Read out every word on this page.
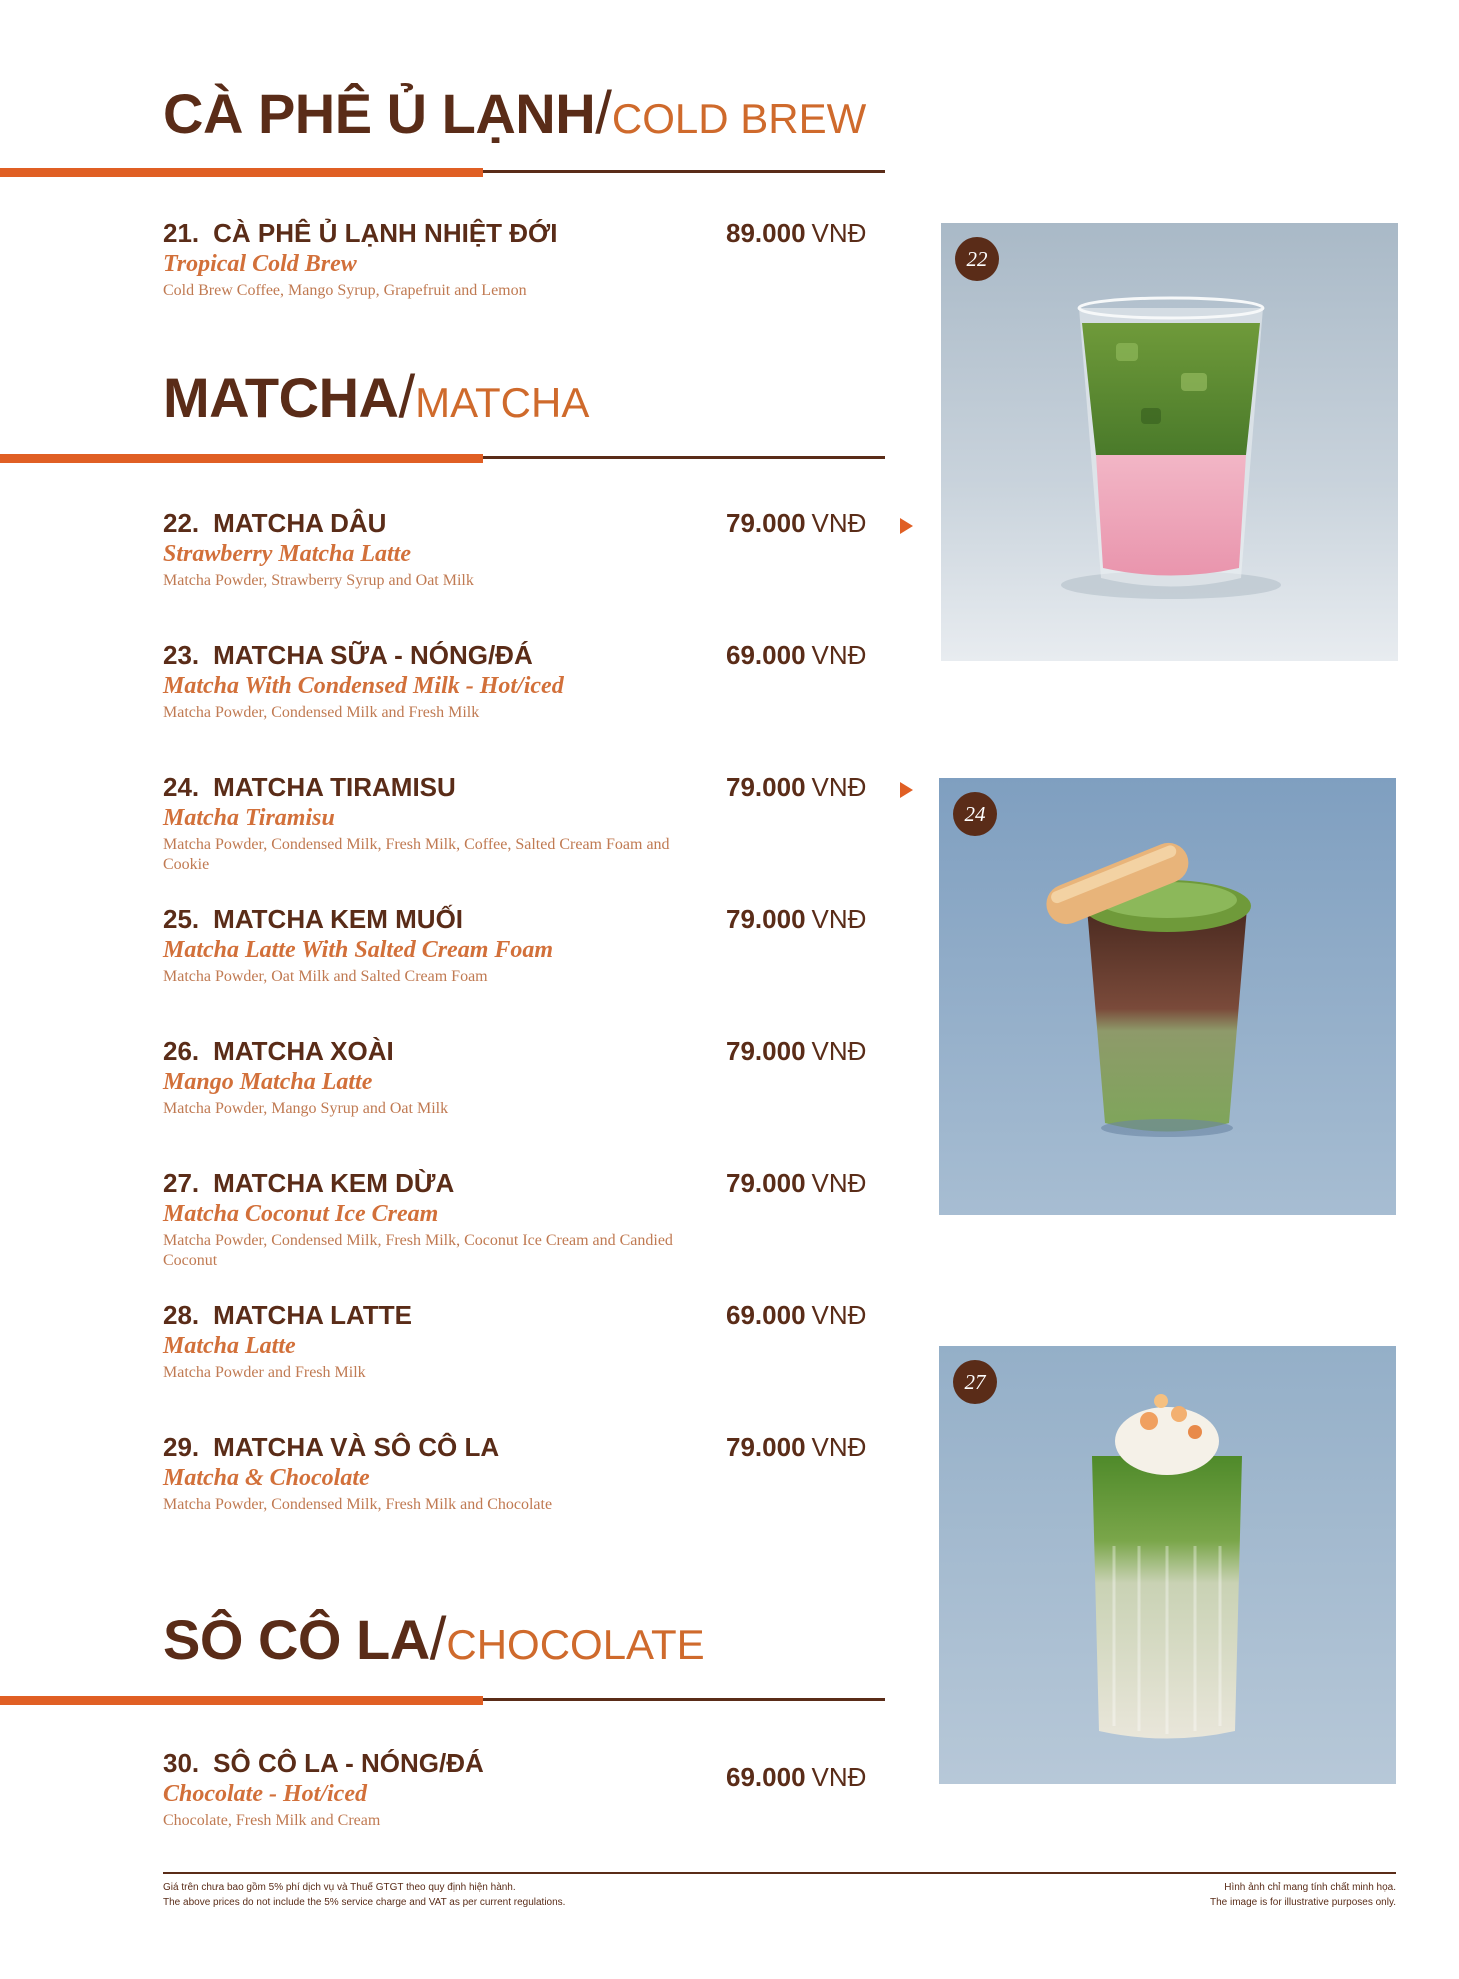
CÀ PHÊ Ủ LẠNH/COLD BREW
21. CÀ PHÊ Ủ LẠNH NHIỆT ĐỚI
Tropical Cold Brew
Cold Brew Coffee, Mango Syrup, Grapefruit and Lemon
89.000 VNĐ
MATCHA/MATCHA
22. MATCHA DÂU
Strawberry Matcha Latte
Matcha Powder, Strawberry Syrup and Oat Milk
79.000 VNĐ
23. MATCHA SỮA - NÓNG/ĐÁ
Matcha With Condensed Milk - Hot/iced
Matcha Powder, Condensed Milk and Fresh Milk
69.000 VNĐ
24. MATCHA TIRAMISU
Matcha Tiramisu
Matcha Powder, Condensed Milk, Fresh Milk, Coffee, Salted Cream Foam and Cookie
79.000 VNĐ
25. MATCHA KEM MUỐI
Matcha Latte With Salted Cream Foam
Matcha Powder, Oat Milk and Salted Cream Foam
79.000 VNĐ
26. MATCHA XOÀI
Mango Matcha Latte
Matcha Powder, Mango Syrup and Oat Milk
79.000 VNĐ
27. MATCHA KEM DỪA
Matcha Coconut Ice Cream
Matcha Powder, Condensed Milk, Fresh Milk, Coconut Ice Cream and Candied Coconut
79.000 VNĐ
28. MATCHA LATTE
Matcha Latte
Matcha Powder and Fresh Milk
69.000 VNĐ
29. MATCHA VÀ SÔ CÔ LA
Matcha & Chocolate
Matcha Powder, Condensed Milk, Fresh Milk and Chocolate
79.000 VNĐ
SÔ CÔ LA/CHOCOLATE
30. SÔ CÔ LA - NÓNG/ĐÁ
Chocolate - Hot/iced
Chocolate, Fresh Milk and Cream
69.000 VNĐ
22
24
27
Giá trên chưa bao gồm 5% phí dịch vụ và Thuế GTGT theo quy định hiện hành.
The above prices do not include the 5% service charge and VAT as per current regulations.
Hình ảnh chỉ mang tính chất minh họa.
The image is for illustrative purposes only.
